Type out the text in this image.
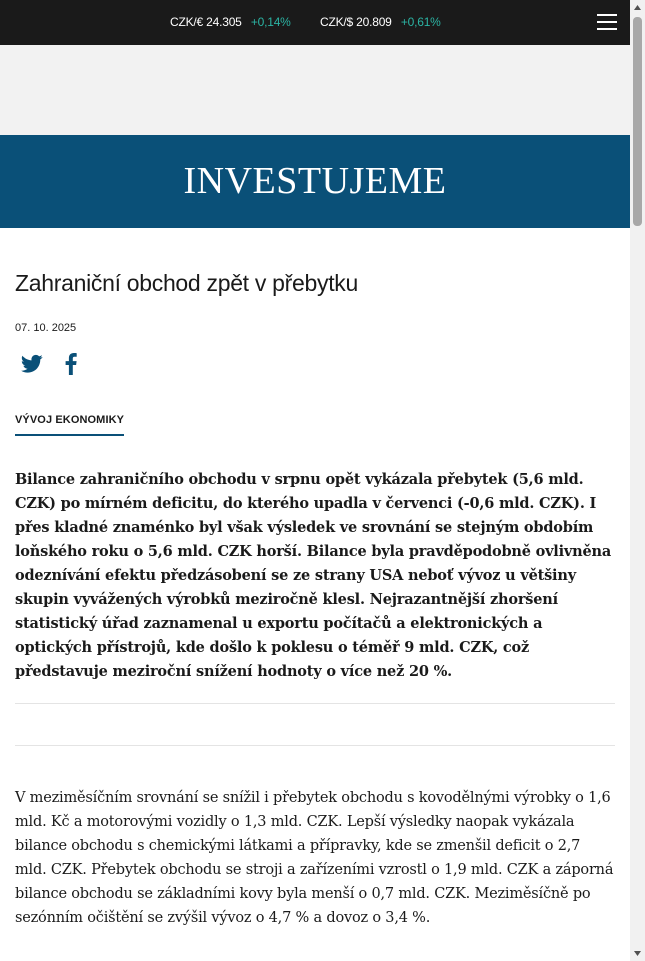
CZK/€ 24.305 +0,14% CZK/$ 20.809 +0,61%
INVESTUJEME
Zahraniční obchod zpět v přebytku
07. 10. 2025
VÝVOJ EKONOMIKY

Bilance zahraničního obchodu v srpnu opět vykázala přebytek (5,6 mld. CZK) po mírném deficitu, do kterého upadla v červenci (-0,6 mld. CZK). I přes kladné znaménko byl však výsledek ve srovnání se stejným obdobím loňského roku o 5,6 mld. CZK horší. Bilance byla pravděpodobně ovlivněna odeznívání efektu předzásobení se ze strany USA neboť vývoz u většiny skupin vyvážených výrobků meziročně klesl. Nejrazantnější zhoršení statistický úřad zaznamenal u exportu počítačů a elektronických a optických přístrojů, kde došlo k poklesu o téměř 9 mld. CZK, což představuje meziroční snížení hodnoty o více než 20 %.

V meziměsíčním srovnání se snížil i přebytek obchodu s kovodělnými výrobky o 1,6 mld. Kč a motorovými vozidly o 1,3 mld. CZK. Lepší výsledky naopak vykázala bilance obchodu s chemickými látkami a přípravky, kde se zmenšil deficit o 2,7 mld. CZK. Přebytek obchodu se stroji a zařízeními vzrostl o 1,9 mld. CZK a záporná bilance obchodu se základními kovy byla menší o 0,7 mld. CZK. Meziměsíčně po sezónním očištění se zvýšil vývoz o 4,7 % a dovoz o 3,4 %.
